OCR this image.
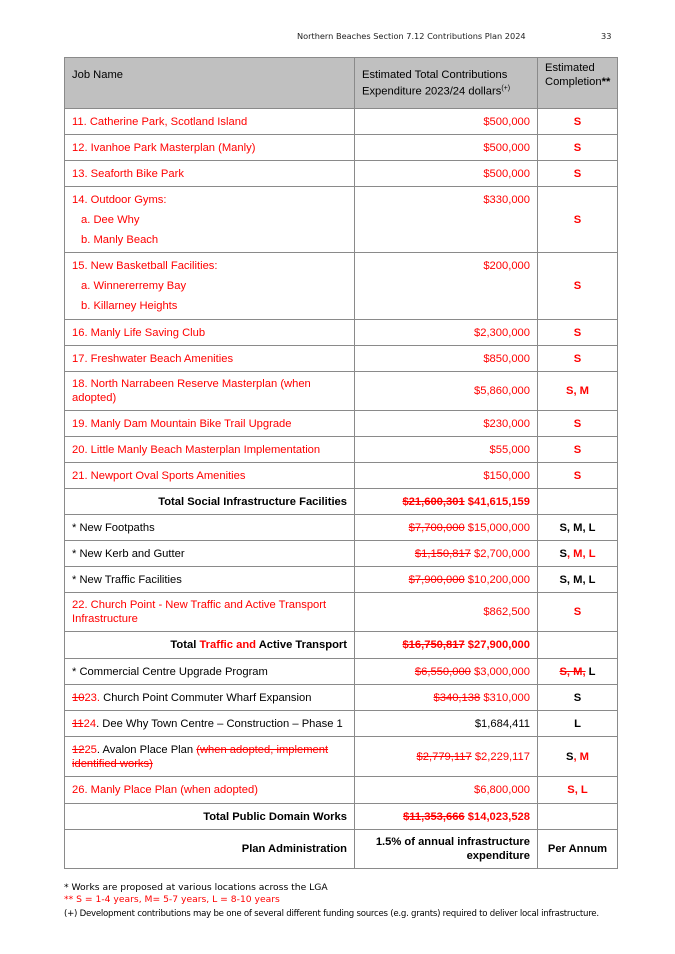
Northern Beaches Section 7.12 Contributions Plan 2024	33
Job Name	Estimated Total Contributions Expenditure 2023/24 dollars(+)	Estimated Completion**
11. Catherine Park, Scotland Island	$500,000	S
12. Ivanhoe Park Masterplan (Manly)	$500,000	S
13. Seaforth Bike Park	$500,000	S
14. Outdoor Gyms:
a. Dee Why
b. Manly Beach	$330,000	S
15. New Basketball Facilities:
a. Winnererremy Bay
b. Killarney Heights	$200,000	S
16. Manly Life Saving Club	$2,300,000	S
17. Freshwater Beach Amenities	$850,000	S
18. North Narrabeen Reserve Masterplan (when adopted)	$5,860,000	S, M
19. Manly Dam Mountain Bike Trail Upgrade	$230,000	S
20. Little Manly Beach Masterplan Implementation	$55,000	S
21. Newport Oval Sports Amenities	$150,000	S
Total Social Infrastructure Facilities	$21,600,301 $41,615,159	
* New Footpaths	$7,700,000 $15,000,000	S, M, L
* New Kerb and Gutter	$1,150,817 $2,700,000	S, M, L
* New Traffic Facilities	$7,900,000 $10,200,000	S, M, L
22. Church Point - New Traffic and Active Transport Infrastructure	$862,500	S
Total Traffic and Active Transport	$16,750,817 $27,900,000	
* Commercial Centre Upgrade Program	$6,550,000 $3,000,000	S, M, L
1023. Church Point Commuter Wharf Expansion	$340,138 $310,000	S
1124. Dee Why Town Centre – Construction – Phase 1	$1,684,411	L
1225. Avalon Place Plan (when adopted, implement identified works)	$2,779,117 $2,229,117	S, M
26. Manly Place Plan (when adopted)	$6,800,000	S, L
Total Public Domain Works	$11,353,666 $14,023,528	
Plan Administration	1.5% of annual infrastructure expenditure	Per Annum
* Works are proposed at various locations across the LGA
** S = 1-4 years, M= 5-7 years, L = 8-10 years
(+) Development contributions may be one of several different funding sources (e.g. grants) required to deliver local infrastructure.
